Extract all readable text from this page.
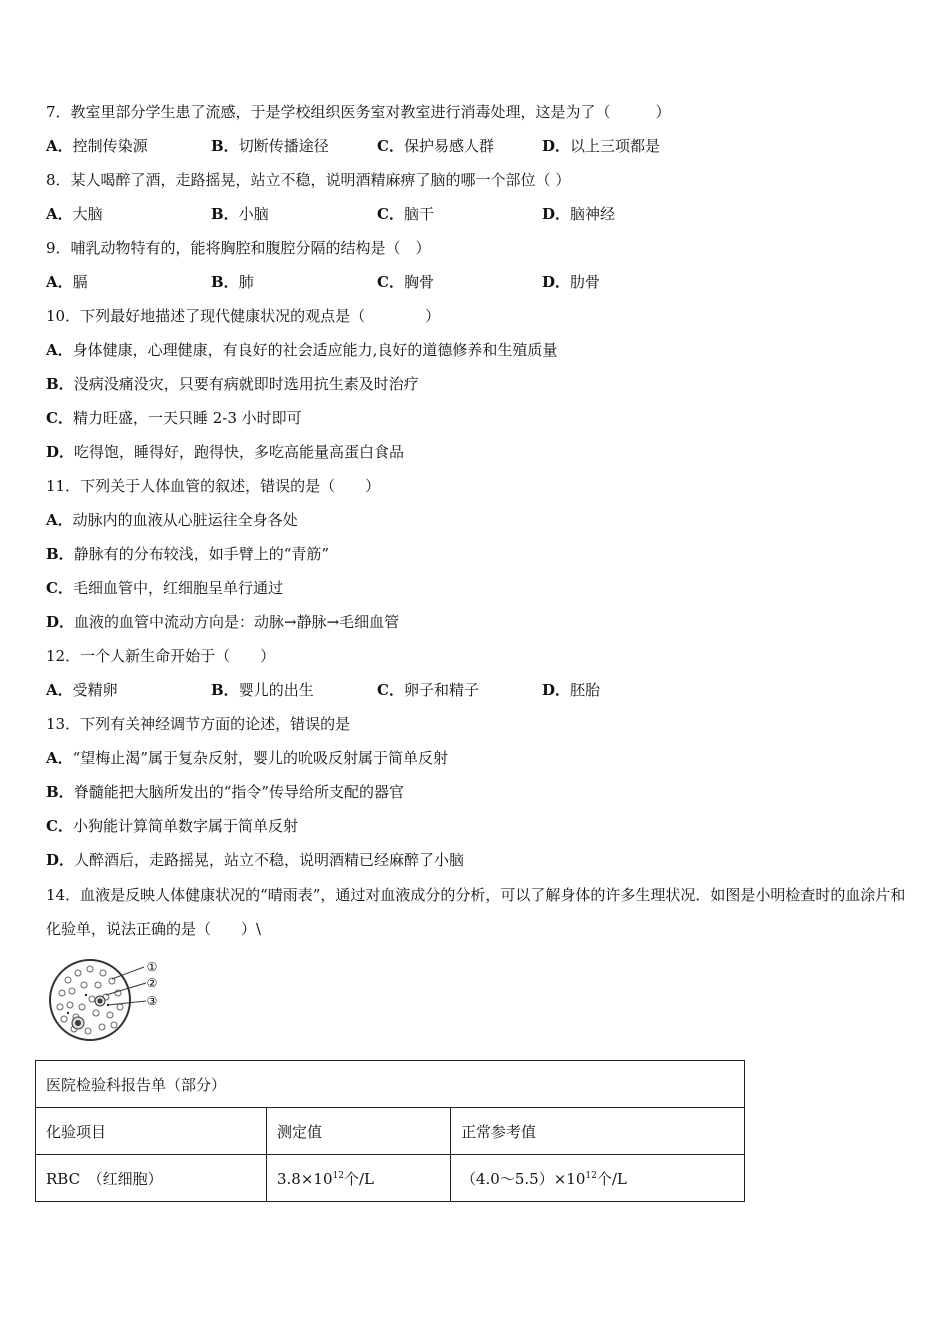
7．教室里部分学生患了流感，于是学校组织医务室对教室进行消毒处理，这是为了（　　　）
A．控制传染源	B．切断传播途径	C．保护易感人群	D．以上三项都是
8．某人喝醉了酒，走路摇晃，站立不稳，说明酒精麻痹了脑的哪一个部位（ ）
A．大脑	B．小脑	C．脑干	D．脑神经
9．哺乳动物特有的，能将胸腔和腹腔分隔的结构是（　）
A．膈	B．肺	C．胸骨	D．肋骨
10．下列最好地描述了现代健康状况的观点是（　　　　）
A．身体健康，心理健康，有良好的社会适应能力,良好的道德修养和生殖质量
B．没病没痛没灾，只要有病就即时选用抗生素及时治疗
C．精力旺盛，一天只睡 2-3 小时即可
D．吃得饱，睡得好，跑得快，多吃高能量高蛋白食品
11．下列关于人体血管的叙述，错误的是（　　）
A．动脉内的血液从心脏运往全身各处
B．静脉有的分布较浅，如手臂上的“青筋”
C．毛细血管中，红细胞呈单行通过
D．血液的血管中流动方向是：动脉→静脉→毛细血管
12．一个人新生命开始于（　　）
A．受精卵	B．婴儿的出生	C．卵子和精子	D．胚胎
13．下列有关神经调节方面的论述，错误的是
A．“望梅止渴”属于复杂反射，婴儿的吮吸反射属于简单反射
B．脊髓能把大脑所发出的“指令”传导给所支配的器官
C．小狗能计算简单数字属于简单反射
D．人醉酒后，走路摇晃，站立不稳，说明酒精已经麻醉了小脑
14．血液是反映人体健康状况的“晴雨表”，通过对血液成分的分析，可以了解身体的许多生理状况．如图是小明检查时的血涂片和化验单，说法正确的是（　　）\
①
②
③
医院检验科报告单（部分）		
化验项目	测定值	正常参考值
RBC　（红细胞）	$3.8\times 10^{12}$个/L	$(4.0\sim 5.5)\times 10^{12}$个/L
